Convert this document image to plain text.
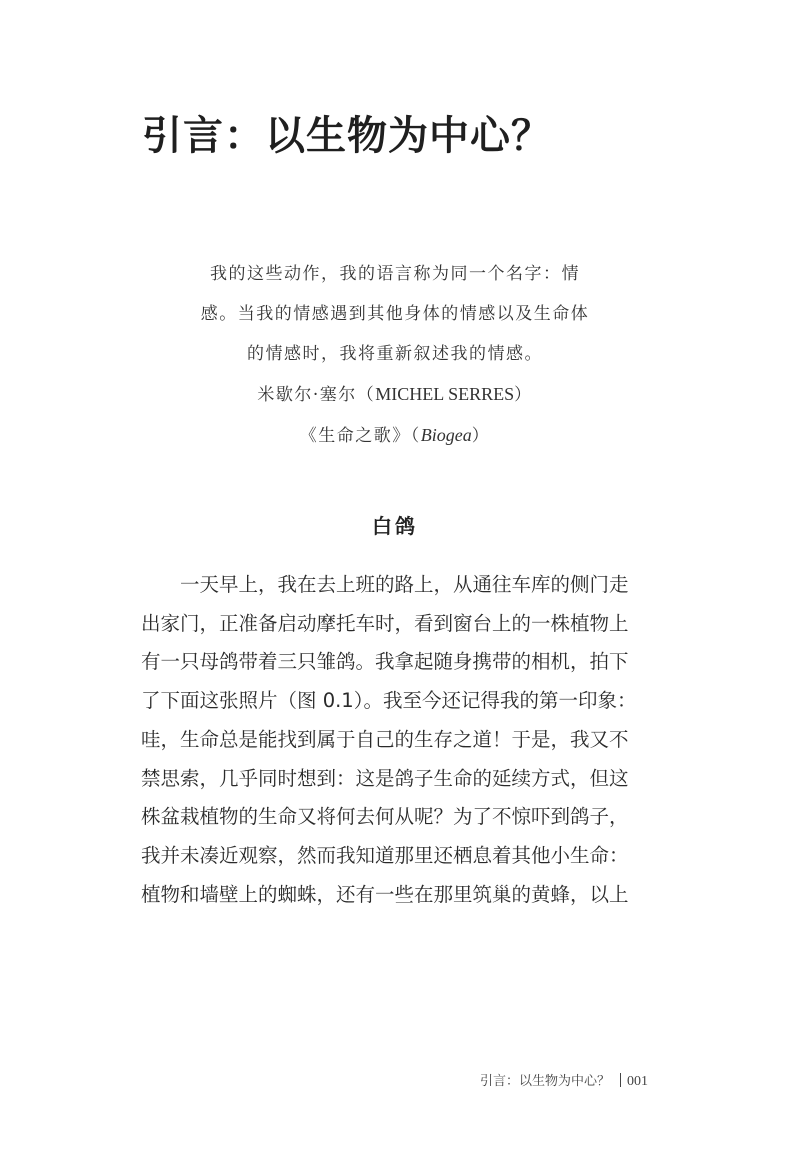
引言：以生物为中心？
我的这些动作，我的语言称为同一个名字：情
感。当我的情感遇到其他身体的情感以及生命体
的情感时，我将重新叙述我的情感。
米歇尔·塞尔（MICHEL SERRES）
《生命之歌》（Biogea）
白鸽
一天早上，我在去上班的路上，从通往车库的侧门走
出家门，正准备启动摩托车时，看到窗台上的一株植物上
有一只母鸽带着三只雏鸽。我拿起随身携带的相机，拍下
了下面这张照片（图 0.1）。我至今还记得我的第一印象：
哇，生命总是能找到属于自己的生存之道！于是，我又不
禁思索，几乎同时想到：这是鸽子生命的延续方式，但这
株盆栽植物的生命又将何去何从呢？为了不惊吓到鸽子，
我并未凑近观察，然而我知道那里还栖息着其他小生命：
植物和墙壁上的蜘蛛，还有一些在那里筑巢的黄蜂，以上
引言：以生物为中心？ 001
